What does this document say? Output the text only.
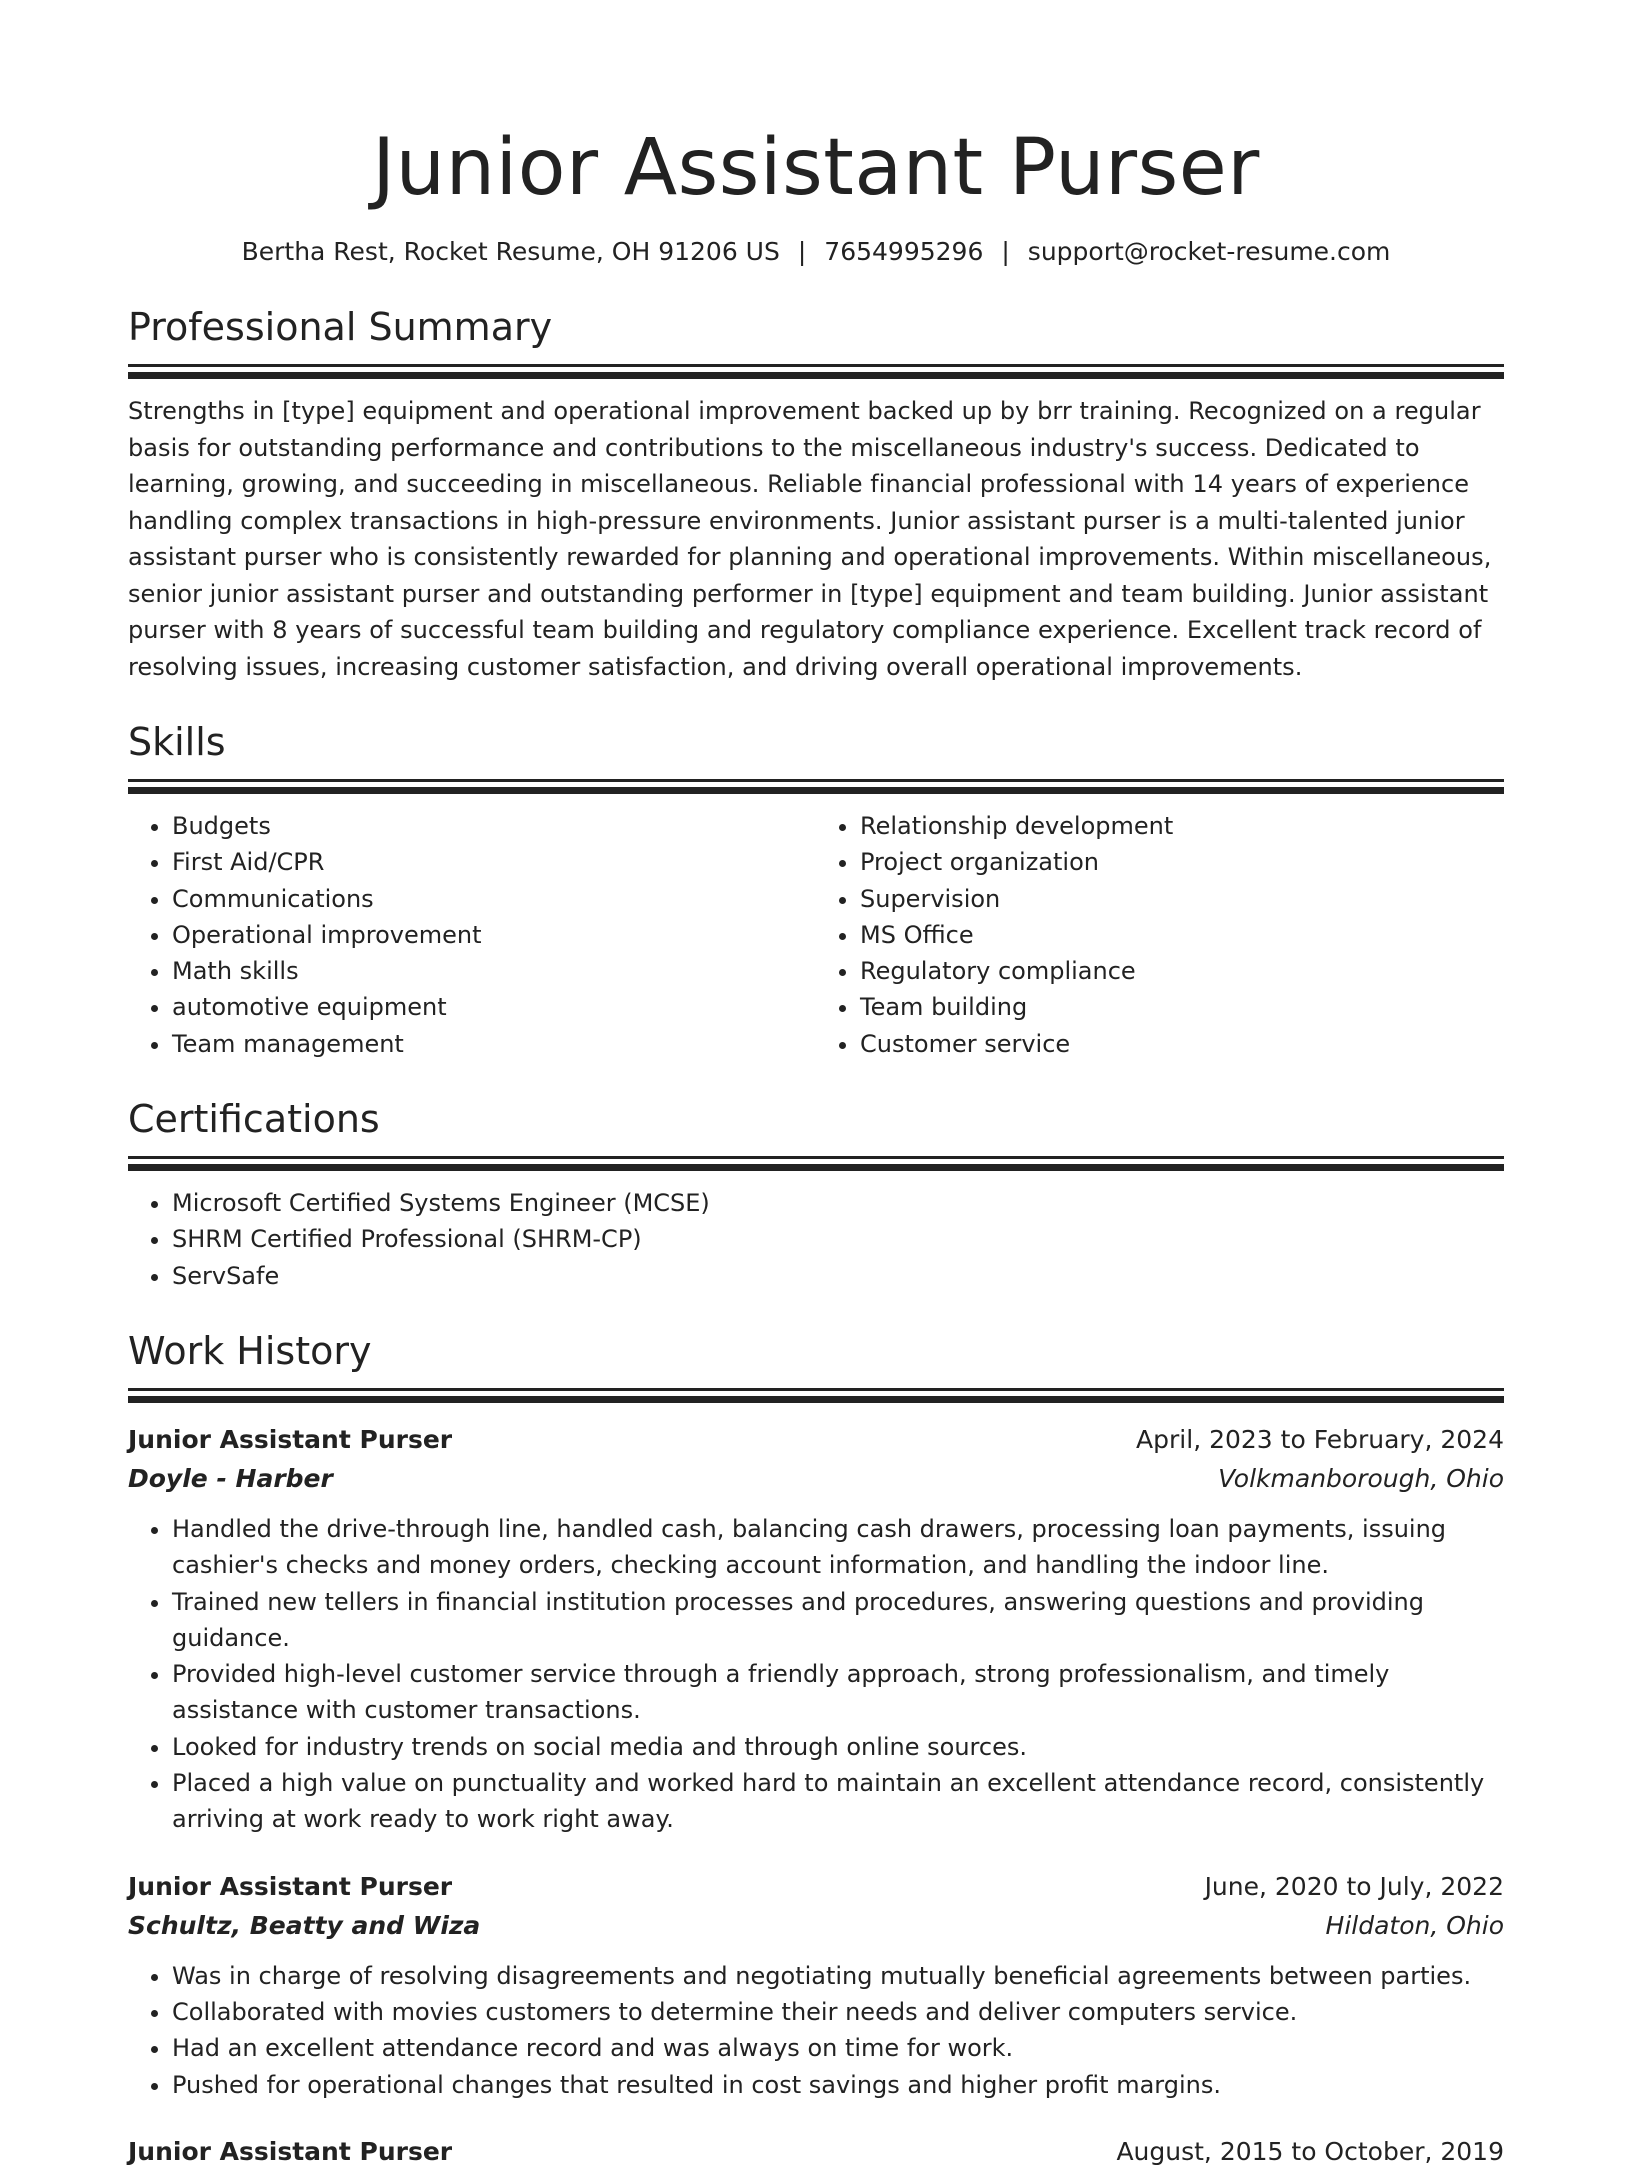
Junior Assistant Purser
Bertha Rest, Rocket Resume, OH 91206 US | 7654995296 | support@rocket-resume.com
Professional Summary
Strengths in [type] equipment and operational improvement backed up by brr training. Recognized on a regular basis for outstanding performance and contributions to the miscellaneous industry's success. Dedicated to learning, growing, and succeeding in miscellaneous. Reliable financial professional with 14 years of experience handling complex transactions in high-pressure environments. Junior assistant purser is a multi-talented junior assistant purser who is consistently rewarded for planning and operational improvements. Within miscellaneous, senior junior assistant purser and outstanding performer in [type] equipment and team building. Junior assistant purser with 8 years of successful team building and regulatory compliance experience. Excellent track record of resolving issues, increasing customer satisfaction, and driving overall operational improvements.
Skills
• Budgets
• First Aid/CPR
• Communications
• Operational improvement
• Math skills
• automotive equipment
• Team management
• Relationship development
• Project organization
• Supervision
• MS Office
• Regulatory compliance
• Team building
• Customer service
Certifications
• Microsoft Certified Systems Engineer (MCSE)
• SHRM Certified Professional (SHRM-CP)
• ServSafe
Work History
Junior Assistant Purser	April, 2023 to February, 2024
Doyle - Harber	Volkmanborough, Ohio
• Handled the drive-through line, handled cash, balancing cash drawers, processing loan payments, issuing cashier's checks and money orders, checking account information, and handling the indoor line.
• Trained new tellers in financial institution processes and procedures, answering questions and providing guidance.
• Provided high-level customer service through a friendly approach, strong professionalism, and timely assistance with customer transactions.
• Looked for industry trends on social media and through online sources.
• Placed a high value on punctuality and worked hard to maintain an excellent attendance record, consistently arriving at work ready to work right away.
Junior Assistant Purser	June, 2020 to July, 2022
Schultz, Beatty and Wiza	Hildaton, Ohio
• Was in charge of resolving disagreements and negotiating mutually beneficial agreements between parties.
• Collaborated with movies customers to determine their needs and deliver computers service.
• Had an excellent attendance record and was always on time for work.
• Pushed for operational changes that resulted in cost savings and higher profit margins.
Junior Assistant Purser	August, 2015 to October, 2019
